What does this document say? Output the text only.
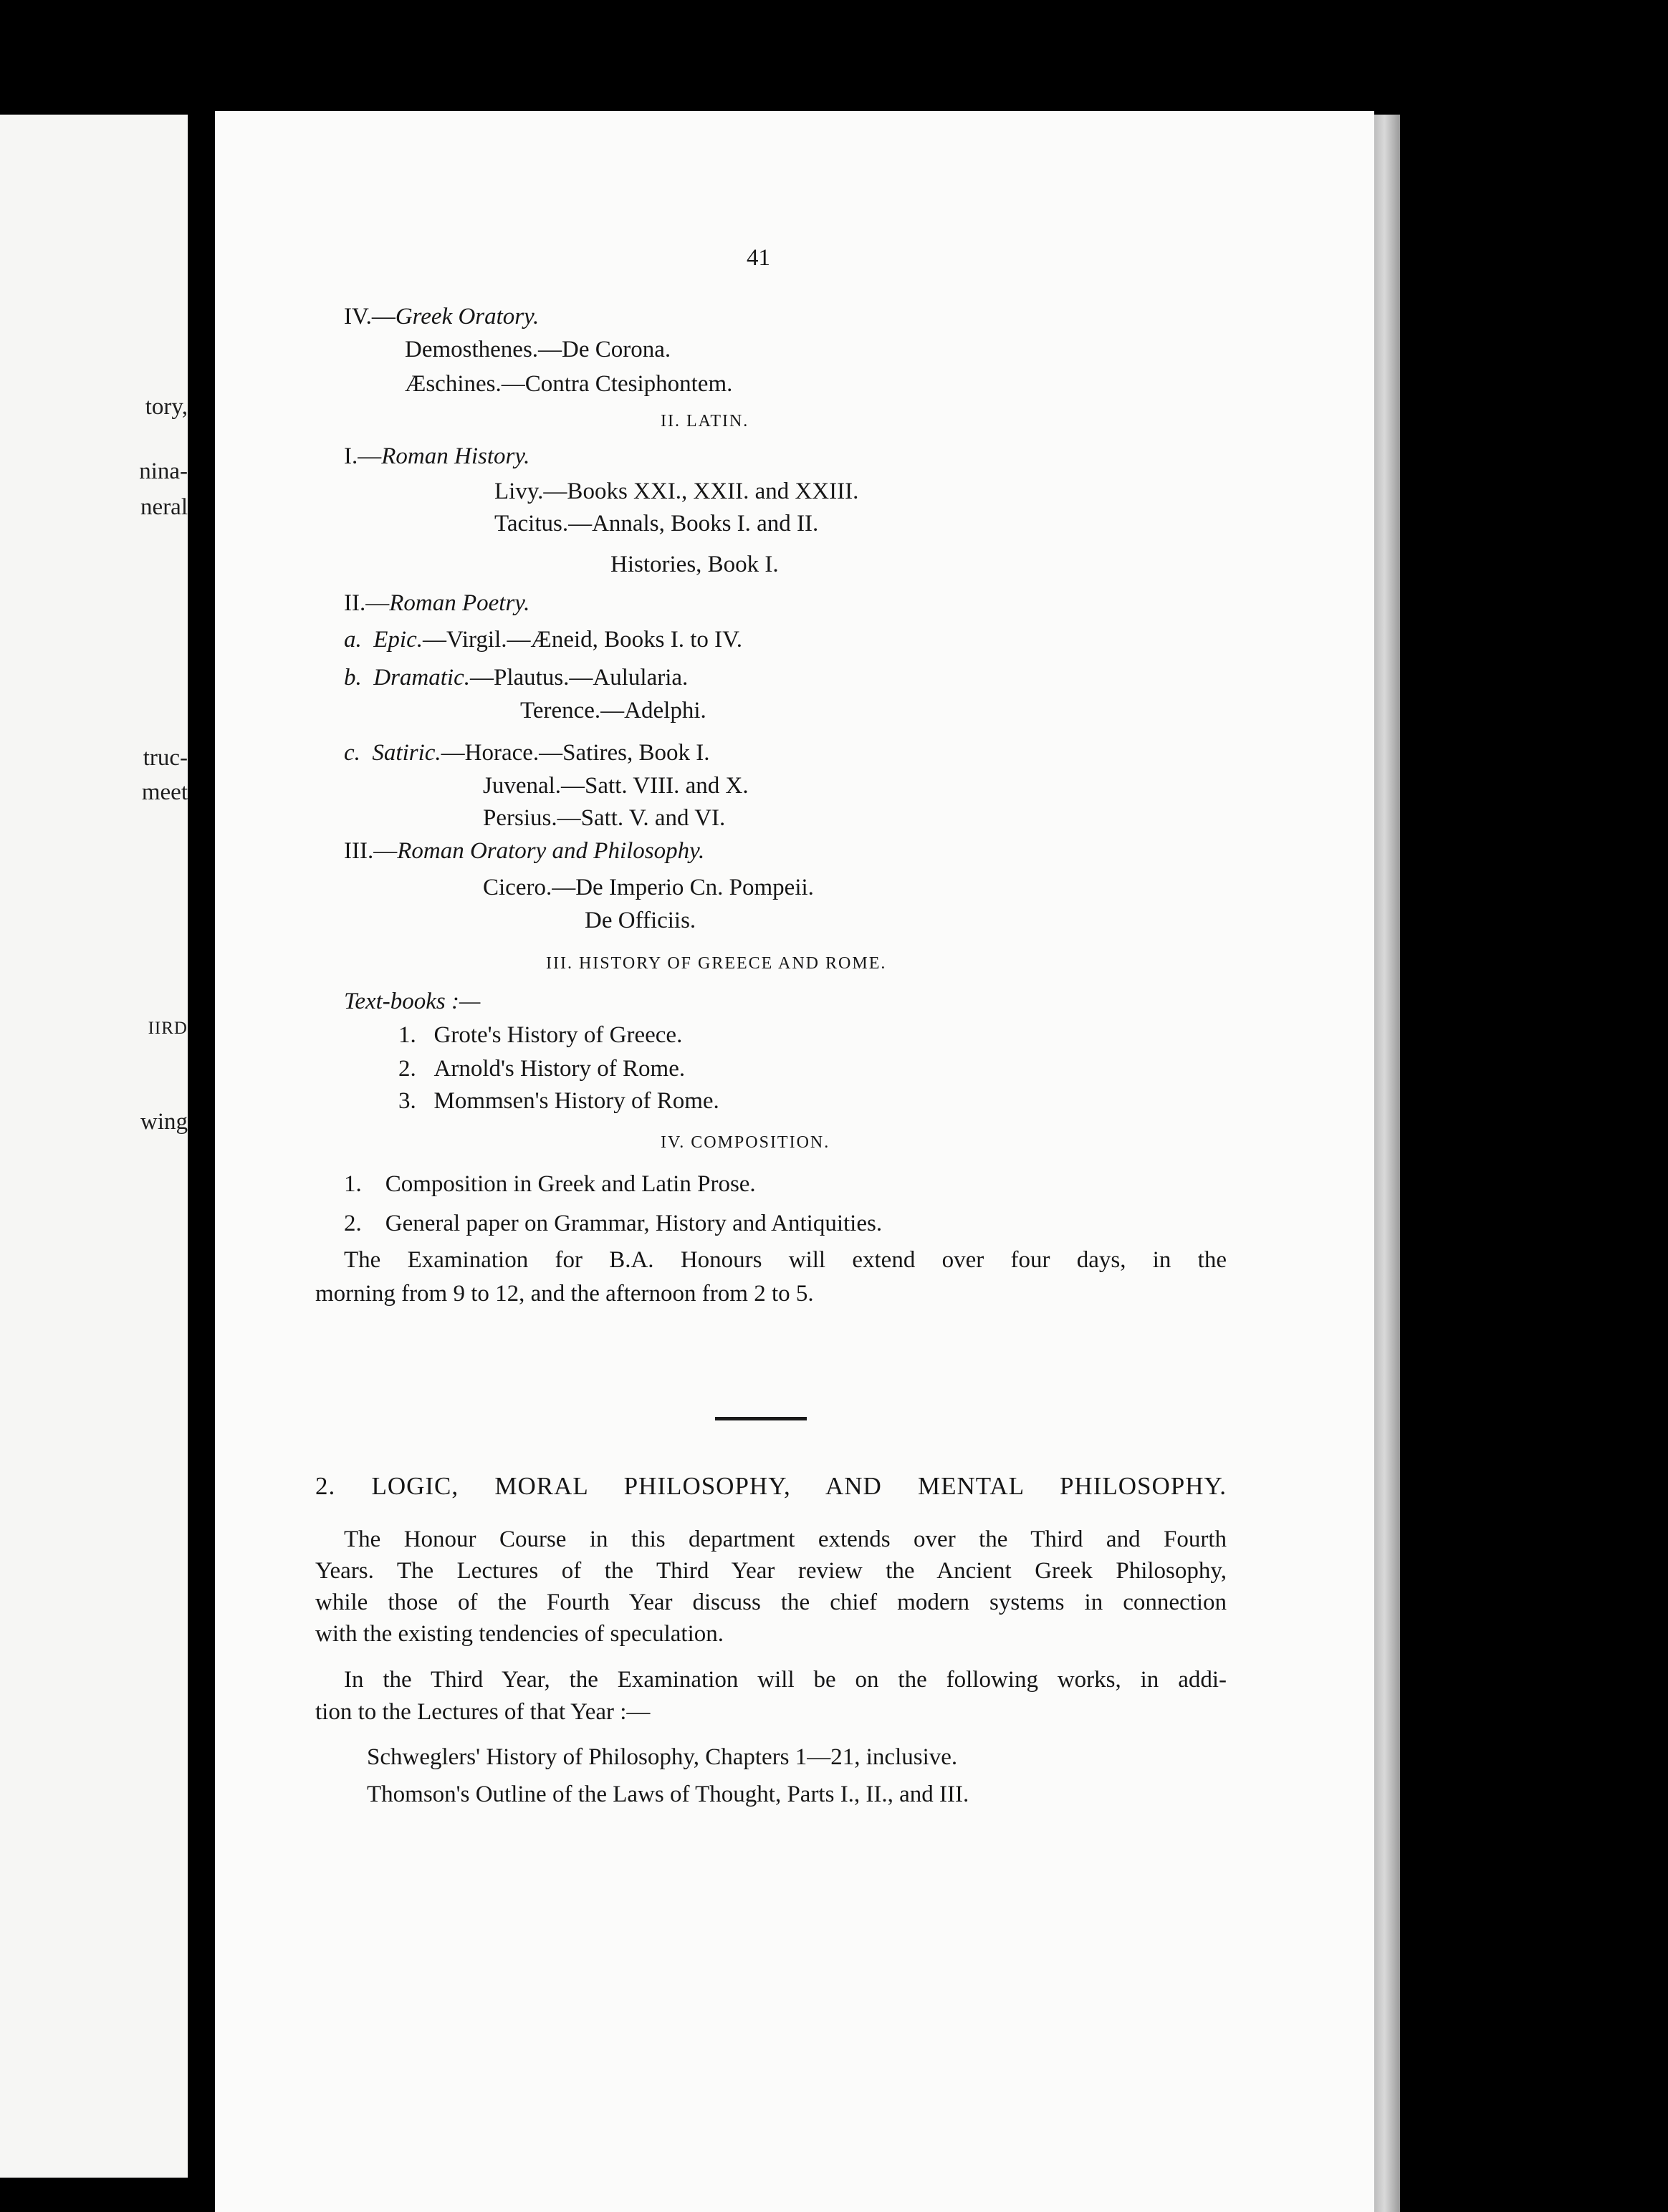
tory,
nina-
neral
truc-
meet
IIRD
wing
41
IV.—Greek Oratory.
Demosthenes.—De Corona.
Æschines.—Contra Ctesiphontem.
II. LATIN.
I.—Roman History.
Livy.—Books XXI., XXII. and XXIII.
Tacitus.—Annals, Books I. and II.
Histories, Book I.
II.—Roman Poetry.
a. Epic.—Virgil.—Æneid, Books I. to IV.
b. Dramatic.—Plautus.—Aulularia.
Terence.—Adelphi.
c. Satiric.—Horace.—Satires, Book I.
Juvenal.—Satt. VIII. and X.
Persius.—Satt. V. and VI.
III.—Roman Oratory and Philosophy.
Cicero.—De Imperio Cn. Pompeii.
De Officiis.
III. HISTORY OF GREECE AND ROME.
Text-books :—
1. Grote's History of Greece.
2. Arnold's History of Rome.
3. Mommsen's History of Rome.
IV. COMPOSITION.
1. Composition in Greek and Latin Prose.
2. General paper on Grammar, History and Antiquities.
The Examination for B.A. Honours will extend over four days, in the
morning from 9 to 12, and the afternoon from 2 to 5.
2. LOGIC, MORAL PHILOSOPHY, AND MENTAL PHILOSOPHY.
The Honour Course in this department extends over the Third and Fourth
Years. The Lectures of the Third Year review the Ancient Greek Philosophy,
while those of the Fourth Year discuss the chief modern systems in connection
with the existing tendencies of speculation.
In the Third Year, the Examination will be on the following works, in addi-
tion to the Lectures of that Year :—
Schweglers' History of Philosophy, Chapters 1—21, inclusive.
Thomson's Outline of the Laws of Thought, Parts I., II., and III.
